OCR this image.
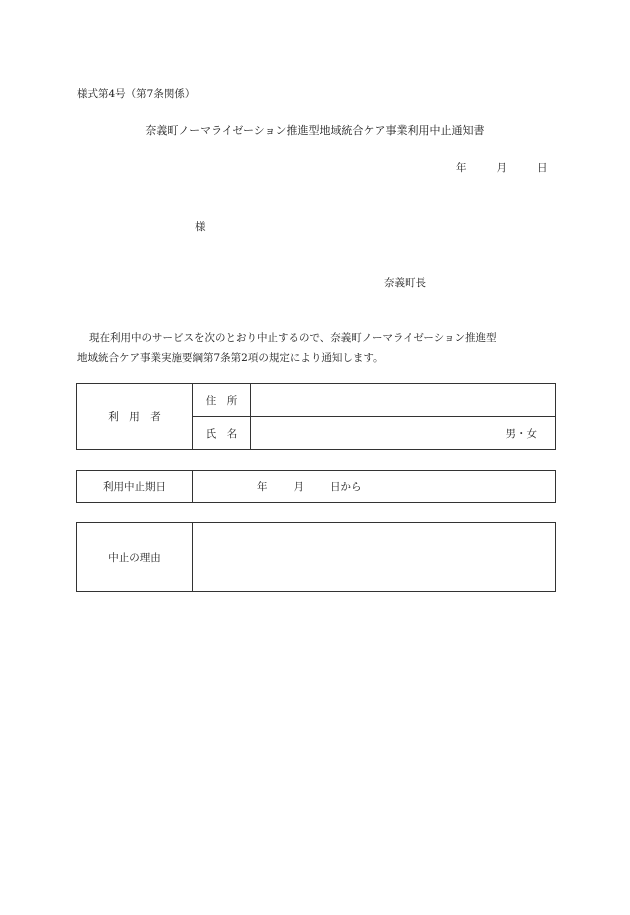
様式第4号（第7条関係）
奈義町ノーマライゼーション推進型地域統合ケア事業利用中止通知書
年	月	日
様
奈義町長

現在利用中のサービスを次のとおり中止するので、奈義町ノーマライゼーション推進型

地域統合ケア事業実施要綱第7条第2項の規定により通知します。

利　用　者	住　所	
	氏　名	男・女
利用中止期日	年 月 日から
中止の理由	
